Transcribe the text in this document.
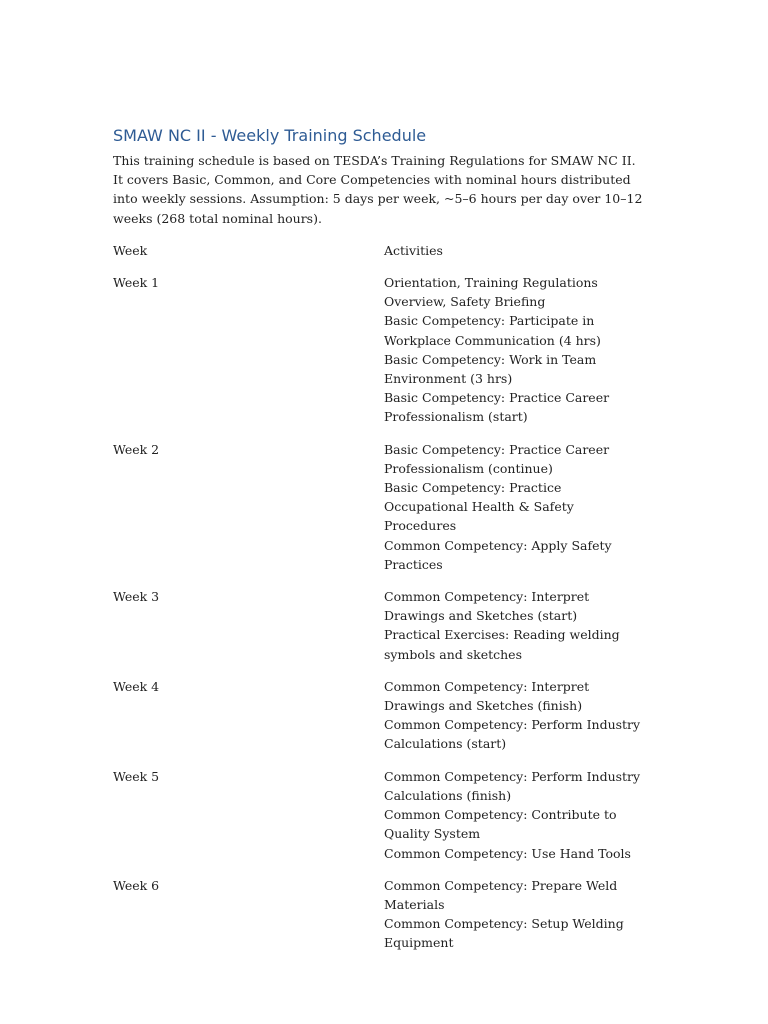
SMAW NC II - Weekly Training Schedule

This training schedule is based on TESDA’s Training Regulations for SMAW NC II. It covers Basic, Common, and Core Competencies with nominal hours distributed into weekly sessions. Assumption: 5 days per week, ~5–6 hours per day over 10–12 weeks (268 total nominal hours).

Week	Activities
Week 1	Orientation, Training Regulations Overview, Safety Briefing
Basic Competency: Participate in Workplace Communication (4 hrs)
Basic Competency: Work in Team Environment (3 hrs)
Basic Competency: Practice Career Professionalism (start)
Week 2	Basic Competency: Practice Career Professionalism (continue)
Basic Competency: Practice Occupational Health & Safety Procedures
Common Competency: Apply Safety Practices
Week 3	Common Competency: Interpret Drawings and Sketches (start)
Practical Exercises: Reading welding symbols and sketches
Week 4	Common Competency: Interpret Drawings and Sketches (finish)
Common Competency: Perform Industry Calculations (start)
Week 5	Common Competency: Perform Industry Calculations (finish)
Common Competency: Contribute to Quality System
Common Competency: Use Hand Tools
Week 6	Common Competency: Prepare Weld Materials
Common Competency: Setup Welding Equipment
